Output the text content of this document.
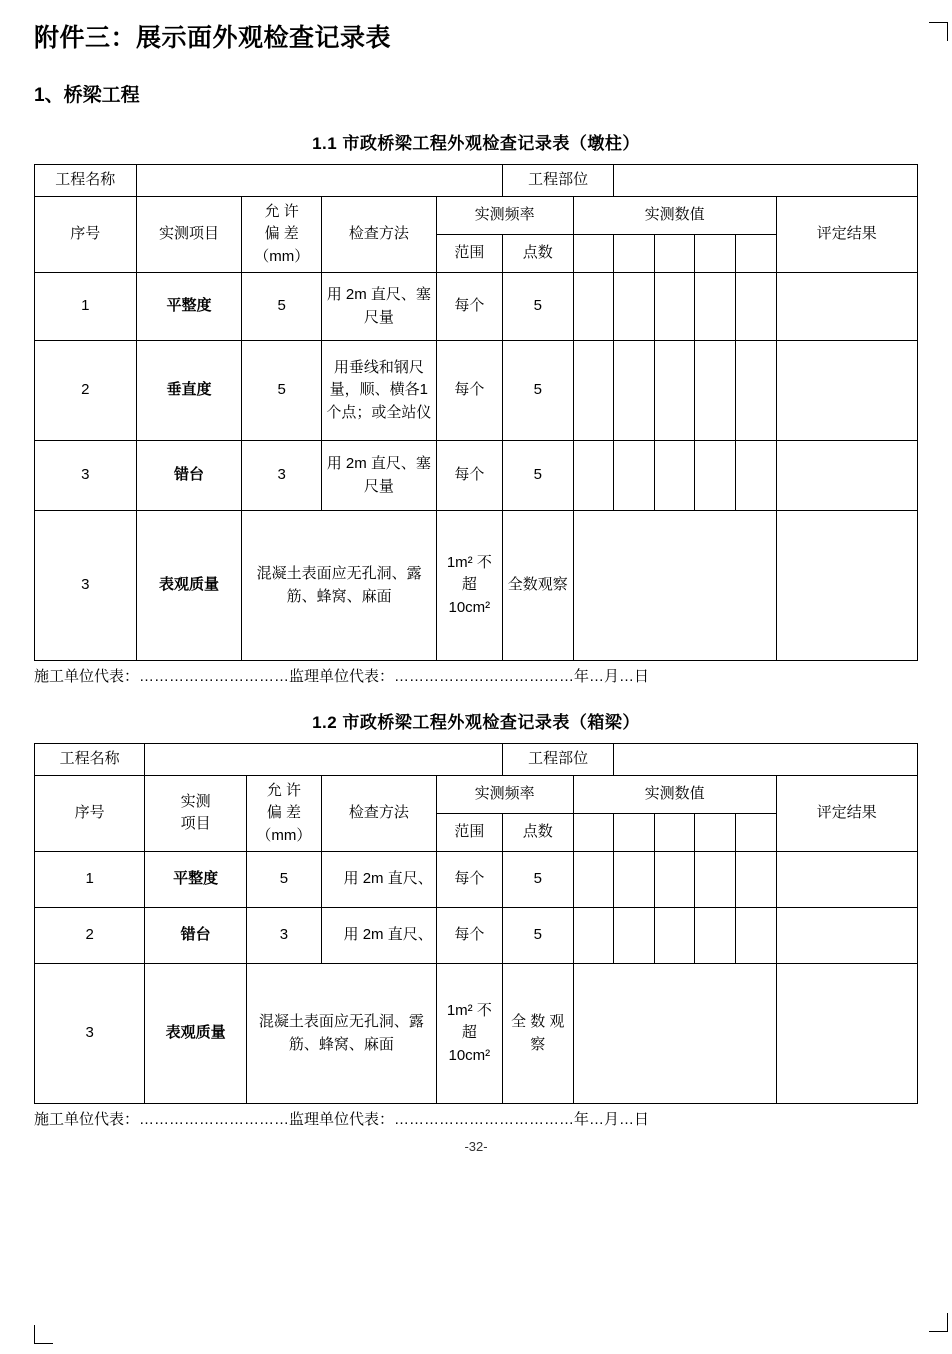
附件三：展示面外观检查记录表
1、桥梁工程
1.1 市政桥梁工程外观检查记录表（墩柱）
工程名称					工程部位						
序号	实测项目	允 许
偏 差
（mm）	检查方法	实测频率		实测数值					评定结果
				范围	点数						
1	平整度	5	用 2m 直尺、塞尺量	每个	5						
2	垂直度	5	用垂线和钢尺量，顺、横各1个点；或全站仪	每个	5						
3	错台	3	用 2m 直尺、塞尺量	每个	5						
3	表观质量	混凝土表面应无孔洞、露筋、蜂窝、麻面		1m² 不超 10cm²	全数观察						
施工单位代表：…………………………监理单位代表：………………………………年…月…日
1.2 市政桥梁工程外观检查记录表（箱梁）
工程名称					工程部位						
序号	实测
项目	允 许
偏 差
（mm）	检查方法	实测频率		实测数值					评定结果
				范围	点数						
1	平整度	5	用 2m 直尺、	每个	5						
2	错台	3	用 2m 直尺、	每个	5						
3	表观质量	混凝土表面应无孔洞、露筋、蜂窝、麻面		1m² 不超 10cm²	全 数 观察						
施工单位代表：…………………………监理单位代表：………………………………年…月…日
-32-
